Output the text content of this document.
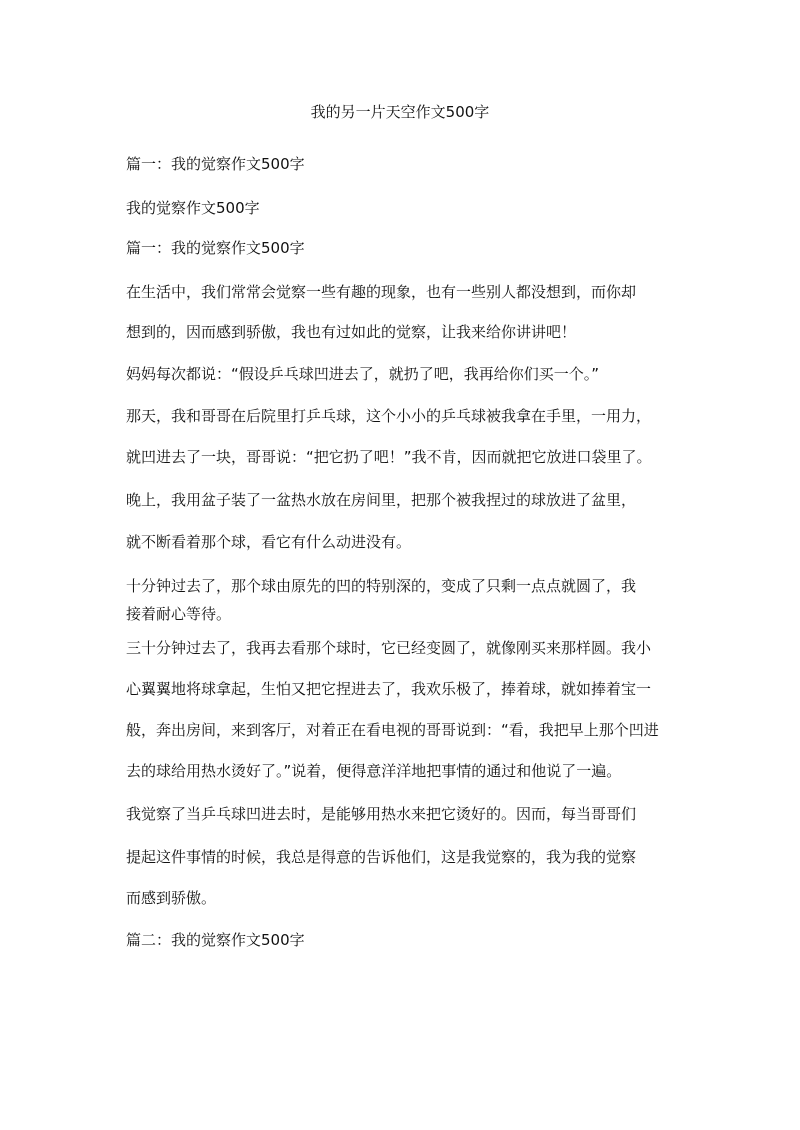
我的另一片天空作文500字
篇一：我的觉察作文500字
我的觉察作文500字
篇一：我的觉察作文500字
在生活中，我们常常会觉察一些有趣的现象，也有一些别人都没想到，而你却
想到的，因而感到骄傲，我也有过如此的觉察，让我来给你讲讲吧！
妈妈每次都说：“假设乒乓球凹进去了，就扔了吧，我再给你们买一个。”
那天，我和哥哥在后院里打乒乓球，这个小小的乒乓球被我拿在手里，一用力，
就凹进去了一块，哥哥说：“把它扔了吧！”我不肯，因而就把它放进口袋里了。
晚上，我用盆子装了一盆热水放在房间里，把那个被我捏过的球放进了盆里，
就不断看着那个球，看它有什么动进没有。
十分钟过去了，那个球由原先的凹的特别深的，变成了只剩一点点就圆了，我
接着耐心等待。
三十分钟过去了，我再去看那个球时，它已经变圆了，就像刚买来那样圆。我小
心翼翼地将球拿起，生怕又把它捏进去了，我欢乐极了，捧着球，就如捧着宝一
般，奔出房间，来到客厅，对着正在看电视的哥哥说到：“看，我把早上那个凹进
去的球给用热水烫好了。”说着，便得意洋洋地把事情的通过和他说了一遍。
我觉察了当乒乓球凹进去时，是能够用热水来把它烫好的。因而，每当哥哥们
提起这件事情的时候，我总是得意的告诉他们，这是我觉察的，我为我的觉察
而感到骄傲。
篇二：我的觉察作文500字
